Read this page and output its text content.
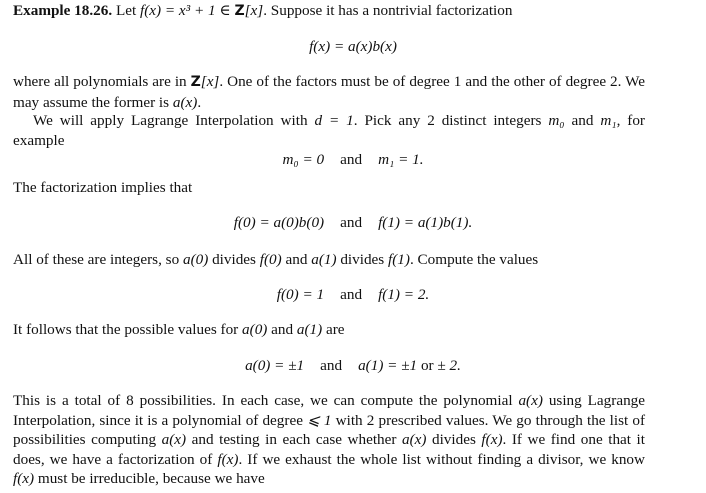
Example 18.26. Let f(x) = x³ + 1 ∈ Z[x]. Suppose it has a nontrivial factorization
f(x) = a(x)b(x)
where all polynomials are in Z[x]. One of the factors must be of degree 1 and the other of degree 2. We may assume the former is a(x).
We will apply Lagrange Interpolation with d = 1. Pick any 2 distinct integers m₀ and m₁, for example
m₀ = 0 and m₁ = 1.
The factorization implies that
f(0) = a(0)b(0) and f(1) = a(1)b(1).
All of these are integers, so a(0) divides f(0) and a(1) divides f(1). Compute the values
f(0) = 1 and f(1) = 2.
It follows that the possible values for a(0) and a(1) are
a(0) = ±1 and a(1) = ±1 or ± 2.
This is a total of 8 possibilities. In each case, we can compute the polynomial a(x) using Lagrange Interpolation, since it is a polynomial of degree ⩽ 1 with 2 prescribed values. We go through the list of possibilities computing a(x) and testing in each case whether a(x) divides f(x). If we find one that it does, we have a factorization of f(x). If we exhaust the whole list without finding a divisor, we know f(x) must be irreducible, because we have
